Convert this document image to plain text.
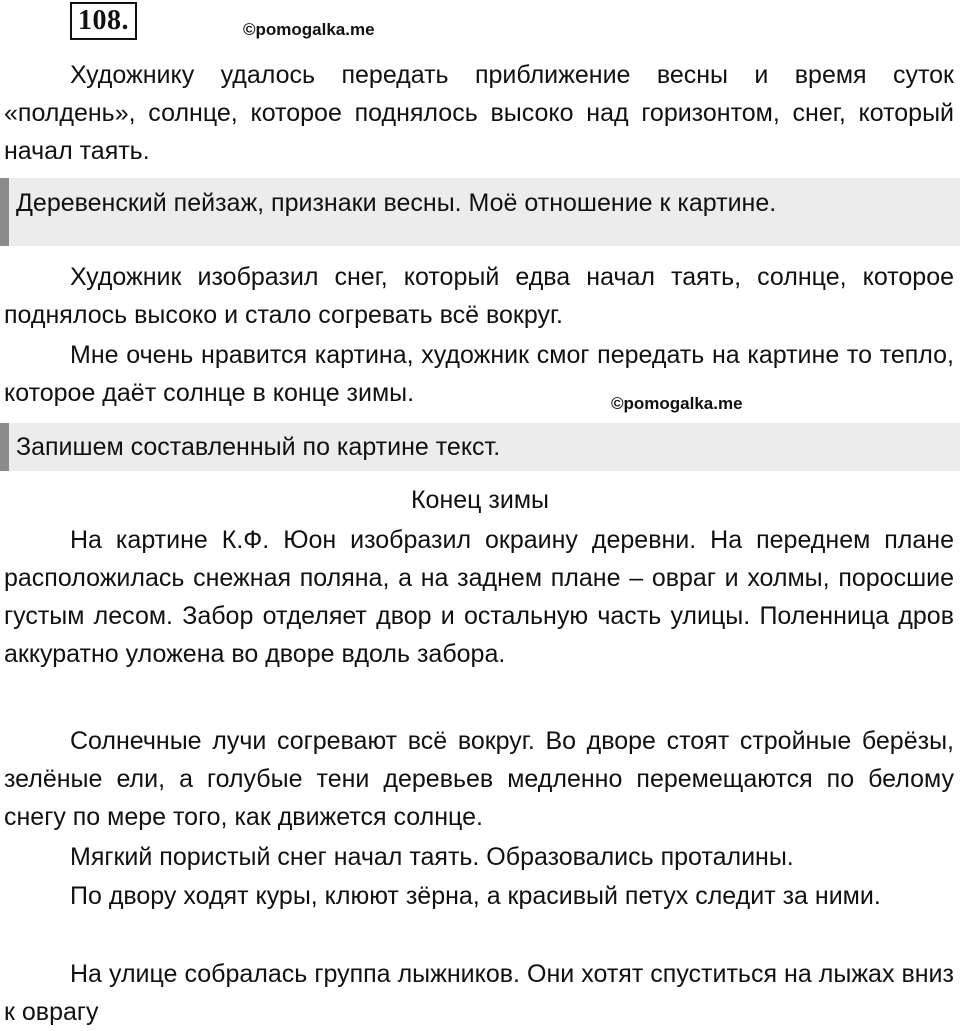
108.	©pomogalka.me

Художнику удалось передать приближение весны и время суток «полдень», солнце, которое поднялось высоко над горизонтом, снег, который начал таять.

Деревенский пейзаж, признаки весны. Моё отношение к картине.

Художник изобразил снег, который едва начал таять, солнце, которое поднялось высоко и стало согревать всё вокруг.

Мне очень нравится картина, художник смог передать на картине то тепло, которое даёт солнце в конце зимы.	©pomogalka.me
Запишем составленный по картине текст.
Конец зимы

На картине К.Ф. Юон изобразил окраину деревни. На переднем плане расположилась снежная поляна, а на заднем плане – овраг и холмы, поросшие густым лесом. Забор отделяет двор и остальную часть улицы. Поленница дров аккуратно уложена во дворе вдоль забора.

Солнечные лучи согревают всё вокруг. Во дворе стоят стройные берёзы, зелёные ели, а голубые тени деревьев медленно перемещаются по белому снегу по мере того, как движется солнце.

Мягкий пористый снег начал таять. Образовались проталины.

По двору ходят куры, клюют зёрна, а красивый петух следит за ними.

На улице собралась группа лыжников. Они хотят спуститься на лыжах вниз к оврагу
